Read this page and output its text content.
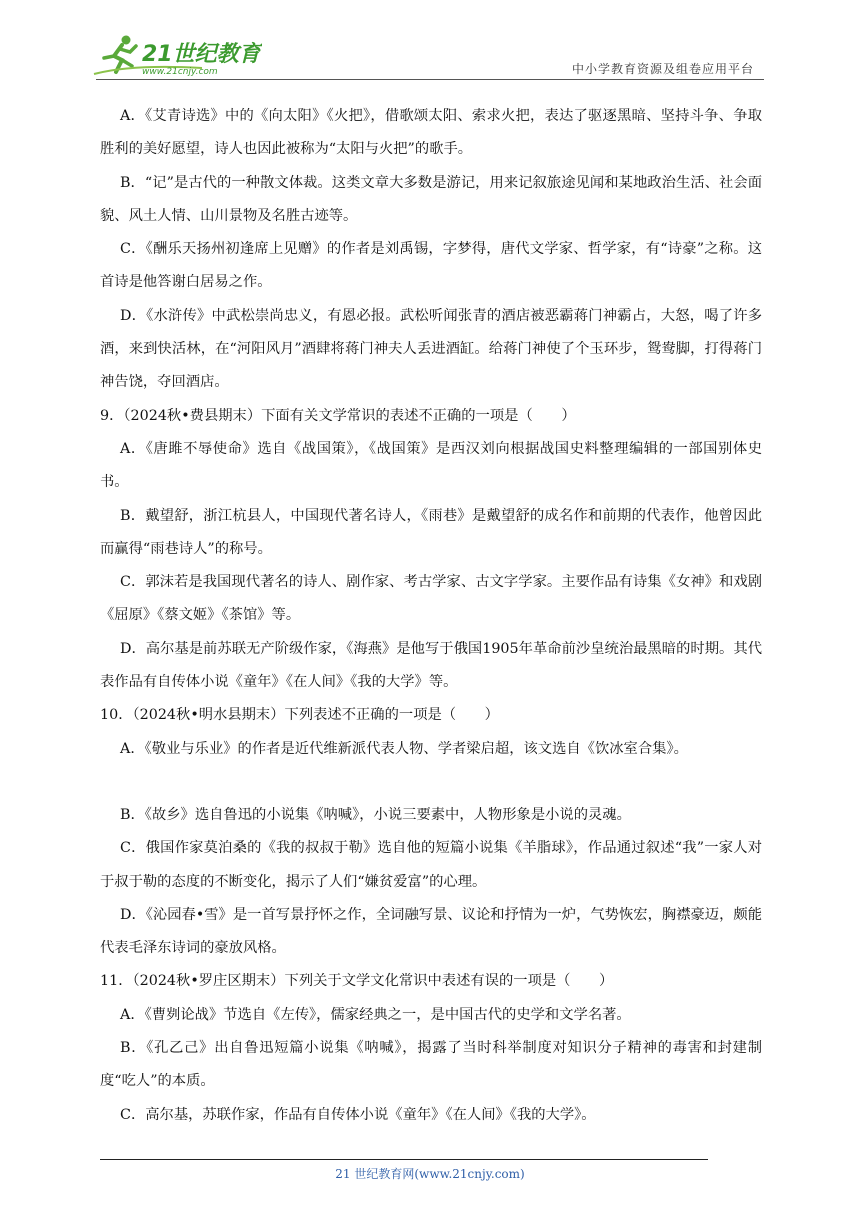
21世纪教育
www.21cnjy.com	中小学教育资源及组卷应用平台

A．《艾青诗选》中的《向太阳》《火把》，借歌颂太阳、索求火把，表达了驱逐黑暗、坚持斗争、争取胜利的美好愿望，诗人也因此被称为“太阳与火把”的歌手。

B．“记”是古代的一种散文体裁。这类文章大多数是游记，用来记叙旅途见闻和某地政治生活、社会面貌、风土人情、山川景物及名胜古迹等。

C．《酬乐天扬州初逢席上见赠》的作者是刘禹锡，字梦得，唐代文学家、哲学家，有“诗豪”之称。这首诗是他答谢白居易之作。

D．《水浒传》中武松崇尚忠义，有恩必报。武松听闻张青的酒店被恶霸蒋门神霸占，大怒，喝了许多酒，来到快活林，在“河阳风月”酒肆将蒋门神夫人丢进酒缸。给蒋门神使了个玉环步，鸳鸯脚，打得蒋门神告饶，夺回酒店。

9．（2024秋•费县期末）下面有关文学常识的表述不正确的一项是（　　）

A．《唐雎不辱使命》选自《战国策》，《战国策》是西汉刘向根据战国史料整理编辑的一部国别体史书。

B．戴望舒，浙江杭县人，中国现代著名诗人，《雨巷》是戴望舒的成名作和前期的代表作，他曾因此而赢得“雨巷诗人”的称号。

C．郭沫若是我国现代著名的诗人、剧作家、考古学家、古文字学家。主要作品有诗集《女神》和戏剧《屈原》《蔡文姬》《茶馆》等。

D．高尔基是前苏联无产阶级作家，《海燕》是他写于俄国1905年革命前沙皇统治最黑暗的时期。其代表作品有自传体小说《童年》《在人间》《我的大学》等。

10．（2024秋•明水县期末）下列表述不正确的一项是（　　）

A．《敬业与乐业》的作者是近代维新派代表人物、学者梁启超，该文选自《饮冰室合集》。

B．《故乡》选自鲁迅的小说集《呐喊》，小说三要素中，人物形象是小说的灵魂。

C．俄国作家莫泊桑的《我的叔叔于勒》选自他的短篇小说集《羊脂球》，作品通过叙述“我”一家人对于叔于勒的态度的不断变化，揭示了人们“嫌贫爱富”的心理。

D．《沁园春•雪》是一首写景抒怀之作，全词融写景、议论和抒情为一炉，气势恢宏，胸襟豪迈，颇能代表毛泽东诗词的豪放风格。

11．（2024秋•罗庄区期末）下列关于文学文化常识中表述有误的一项是（　　）

A．《曹刿论战》节选自《左传》，儒家经典之一，是中国古代的史学和文学名著。

B．《孔乙己》出自鲁迅短篇小说集《呐喊》，揭露了当时科举制度对知识分子精神的毒害和封建制度“吃人”的本质。

C．高尔基，苏联作家，作品有自传体小说《童年》《在人间》《我的大学》。

21 世纪教育网(www.21cnjy.com)
